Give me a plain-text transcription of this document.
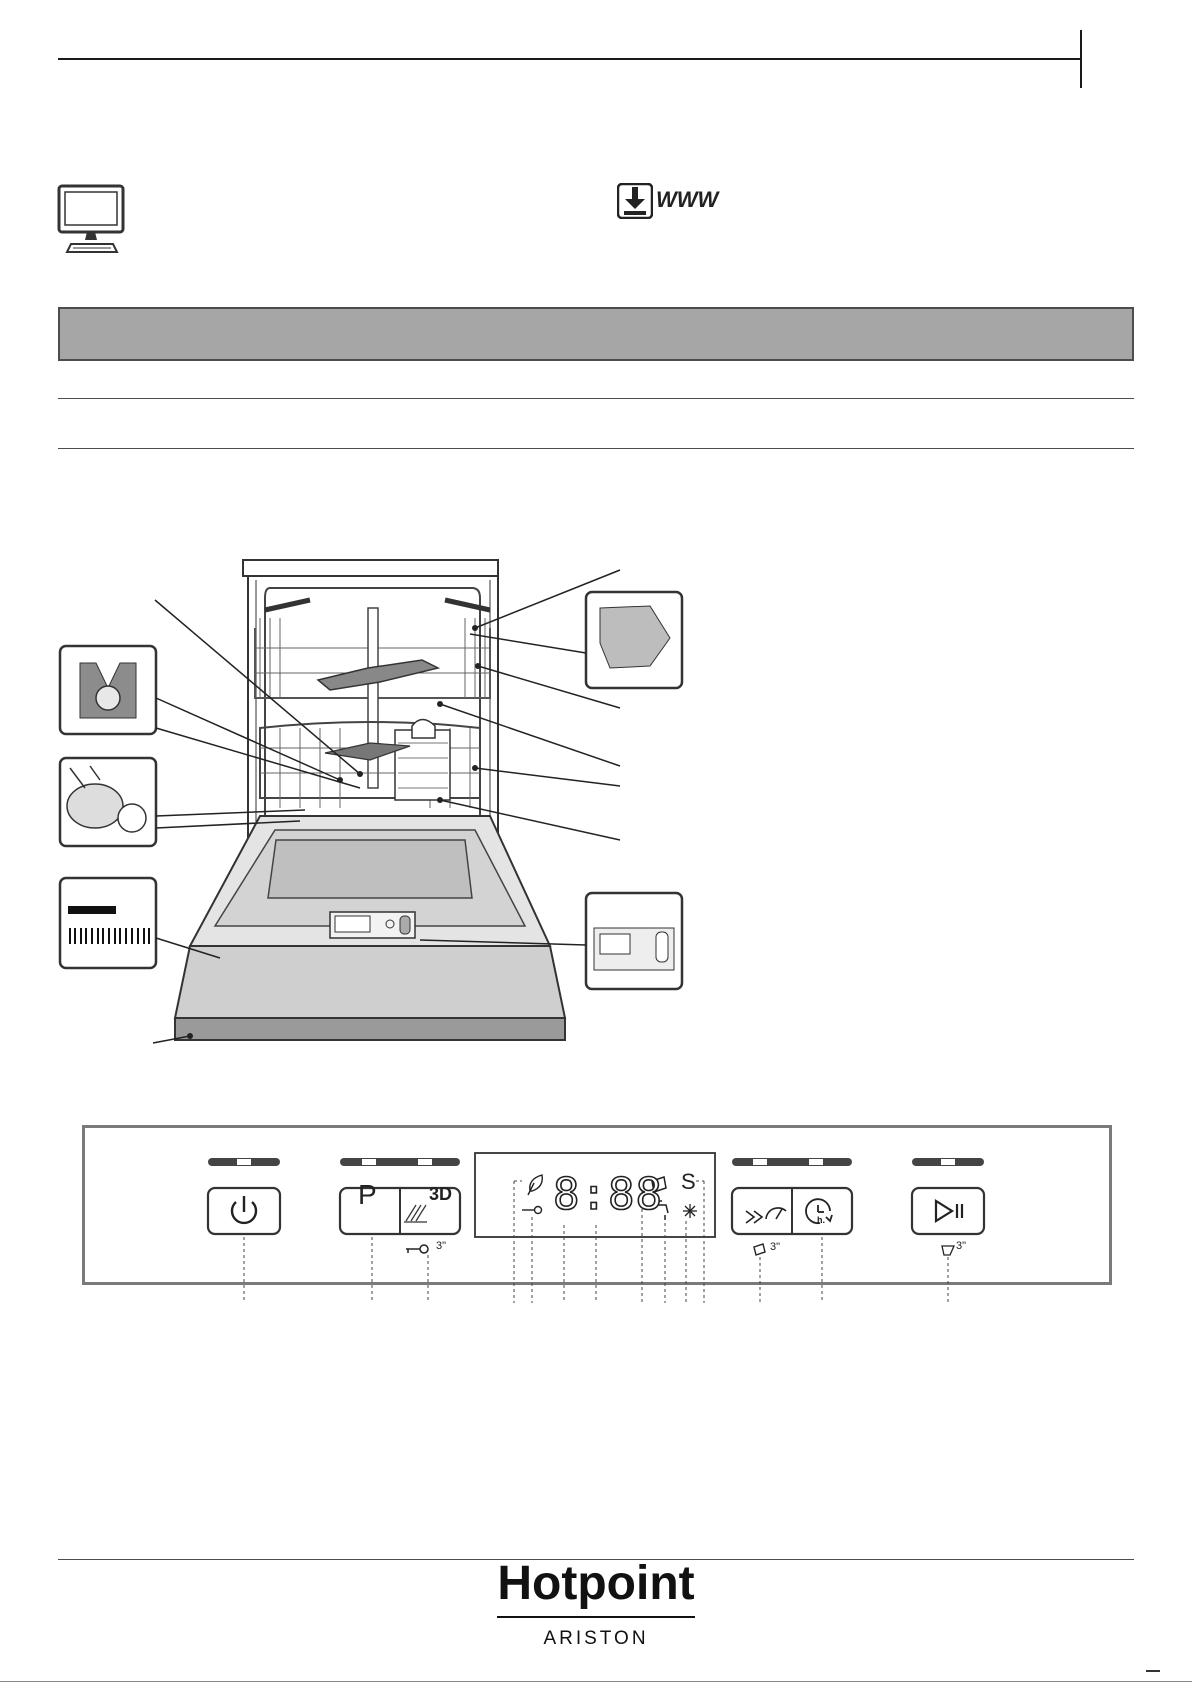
WWW
P	3D
3"
8:88 S
h.
3"	3"
Hotpoint
ARISTON
